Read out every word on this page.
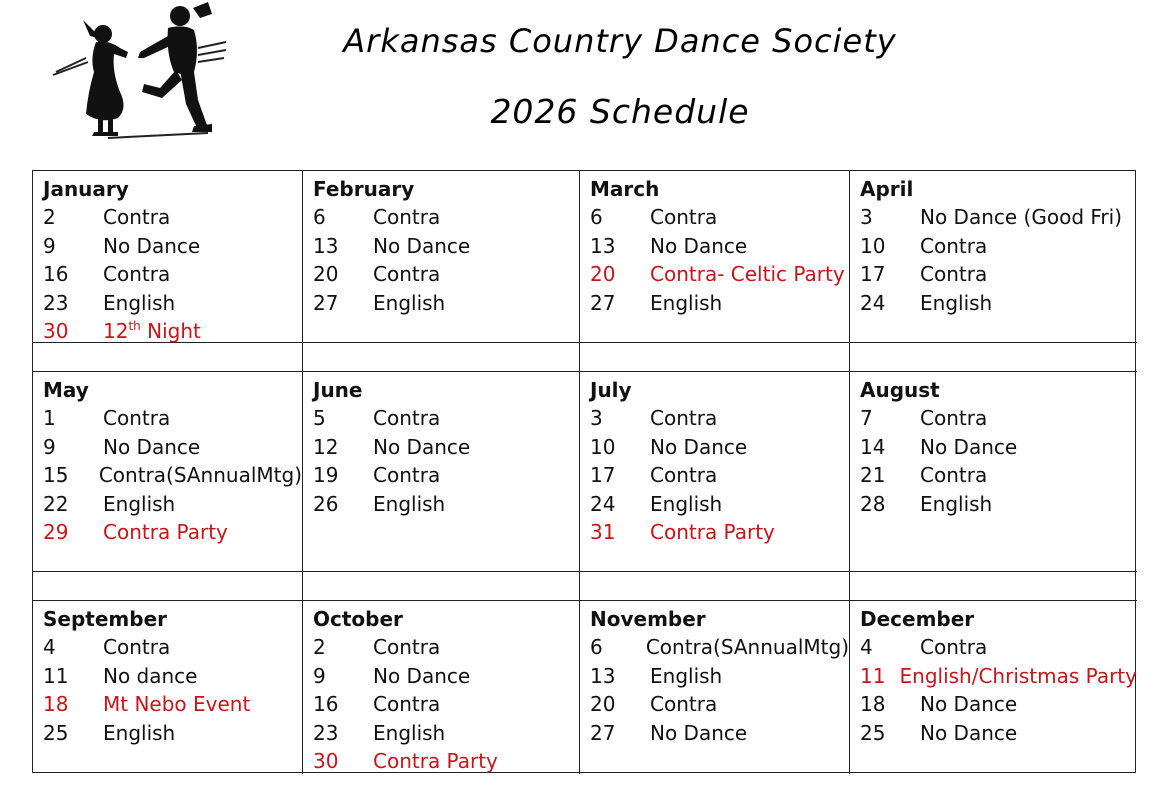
Arkansas Country Dance Society
2026 Schedule
January
2	Contra
9	No Dance
16	Contra
23	English
30	12th Night
February
6	Contra
13	No Dance
20	Contra
27	English
March
6	Contra
13	No Dance
20	Contra- Celtic Party
27	English
April
3	No Dance (Good Fri)
10	Contra
17	Contra
24	English
May
1	Contra
9	No Dance
15	Contra(SAnnualMtg)
22	English
29	Contra Party
June
5	Contra
12	No Dance
19	Contra
26	English
July
3	Contra
10	No Dance
17	Contra
24	English
31	Contra Party
August
7	Contra
14	No Dance
21	Contra
28	English
September
4	Contra
11	No dance
18	Mt Nebo Event
25	English
October
2	Contra
9	No Dance
16	Contra
23	English
30	Contra Party
November
6	Contra(SAnnualMtg)
13	English
20	Contra
27	No Dance
December
4	Contra
11 English/Christmas Party
18	No Dance
25	No Dance
